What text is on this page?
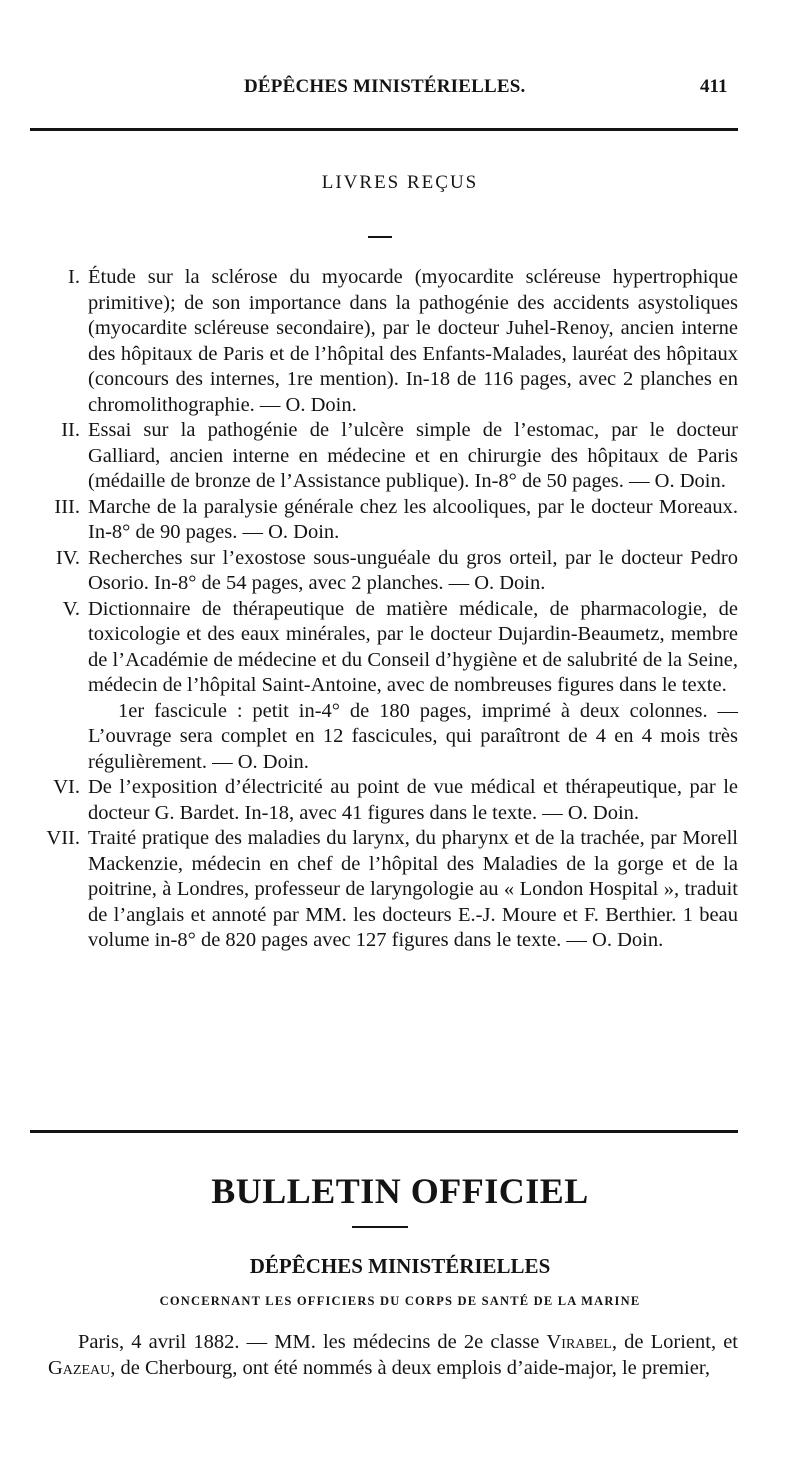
DÉPÊCHES MINISTÉRIELLES.	411
LIVRES REÇUS
I. Étude sur la sclérose du myocarde (myocardite scléreuse hypertrophique primitive); de son importance dans la pathogénie des accidents asystoliques (myocardite scléreuse secondaire), par le docteur Juhel-Renoy, ancien interne des hôpitaux de Paris et de l’hôpital des Enfants-Malades, lauréat des hôpitaux (concours des internes, 1re mention). In-18 de 116 pages, avec 2 planches en chromolithographie. — O. Doin.

II. Essai sur la pathogénie de l’ulcère simple de l’estomac, par le docteur Galliard, ancien interne en médecine et en chirurgie des hôpitaux de Paris (médaille de bronze de l’Assistance publique). In-8° de 50 pages. — O. Doin.

III. Marche de la paralysie générale chez les alcooliques, par le docteur Moreaux. In-8° de 90 pages. — O. Doin.

IV. Recherches sur l’exostose sous-unguéale du gros orteil, par le docteur Pedro Osorio. In-8° de 54 pages, avec 2 planches. — O. Doin.

V. Dictionnaire de thérapeutique de matière médicale, de pharmacologie, de toxicologie et des eaux minérales, par le docteur Dujardin-Beaumetz, membre de l’Académie de médecine et du Conseil d’hygiène et de salubrité de la Seine, médecin de l’hôpital Saint-Antoine, avec de nombreuses figures dans le texte.

1er fascicule : petit in-4° de 180 pages, imprimé à deux colonnes. — L’ouvrage sera complet en 12 fascicules, qui paraîtront de 4 en 4 mois très régulièrement. — O. Doin.

VI. De l’exposition d’électricité au point de vue médical et thérapeutique, par le docteur G. Bardet. In-18, avec 41 figures dans le texte. — O. Doin.

VII. Traité pratique des maladies du larynx, du pharynx et de la trachée, par Morell Mackenzie, médecin en chef de l’hôpital des Maladies de la gorge et de la poitrine, à Londres, professeur de laryngologie au « London Hospital », traduit de l’anglais et annoté par MM. les docteurs E.-J. Moure et F. Berthier. 1 beau volume in-8° de 820 pages avec 127 figures dans le texte. — O. Doin.

BULLETIN OFFICIEL
DÉPÊCHES MINISTÉRIELLES
CONCERNANT LES OFFICIERS DU CORPS DE SANTÉ DE LA MARINE

Paris, 4 avril 1882. — MM. les médecins de 2e classe Virabel, de Lorient, et Gazeau, de Cherbourg, ont été nommés à deux emplois d’aide-major, le premier,
